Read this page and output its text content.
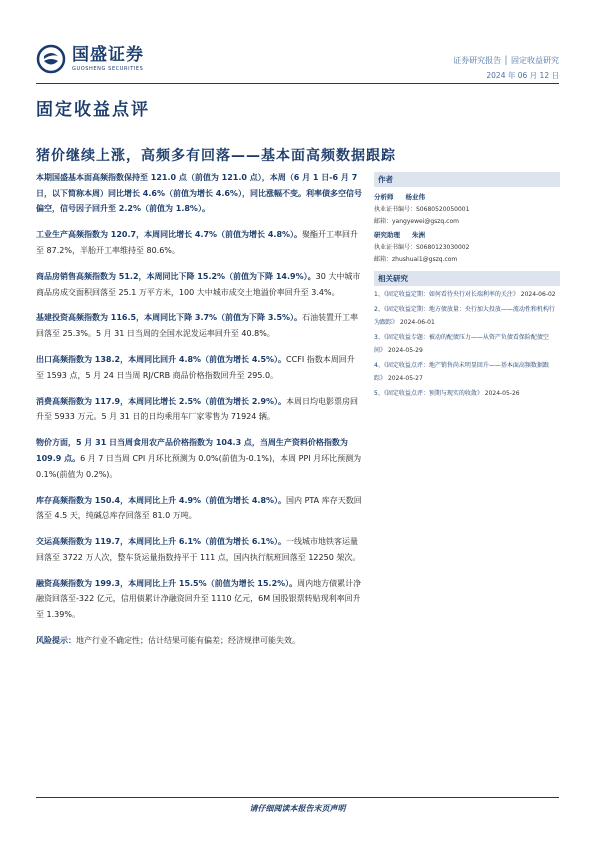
国盛证券
GUOSHENG SECURITIES
证券研究报告 │ 固定收益研究
2024 年 06 月 12 日
固定收益点评
猪价继续上涨，高频多有回落——基本面高频数据跟踪
本期国盛基本面高频指数保持至 121.0 点（前值为 121.0 点），本周（6 月 1 日-6 月 7 日，以下简称本周）同比增长 4.6%（前值为增长 4.6%），同比涨幅不变。利率债多空信号偏空，信号因子回升至 2.2%（前值为 1.8%）。
工业生产高频指数为 120.7，本周同比增长 4.7%（前值为增长 4.8%）。聚酯开工率回升至 87.2%，半胎开工率维持至 80.6%。
商品房销售高频指数为 51.2，本周同比下降 15.2%（前值为下降 14.9%）。30 大中城市商品房成交面积回落至 25.1 万平方米，100 大中城市成交土地溢价率回升至 3.4%。
基建投资高频指数为 116.5，本周同比下降 3.7%（前值为下降 3.5%）。石油装置开工率回落至 25.3%。5 月 31 日当周的全国水泥发运率回升至 40.8%。
出口高频指数为 138.2，本周同比回升 4.8%（前值为增长 4.5%）。CCFI 指数本周回升至 1593 点，5 月 24 日当周 RJ/CRB 商品价格指数回升至 295.0。
消费高频指数为 117.9，本周同比增长 2.5%（前值为增长 2.9%）。本周日均电影票房回升至 5933 万元。5 月 31 日的日均乘用车厂家零售为 71924 辆。
物价方面，5 月 31 日当周食用农产品价格指数为 104.3 点，当周生产资料价格指数为 109.9 点。6 月 7 日当周 CPI 月环比预测为 0.0%(前值为-0.1%)，本周 PPI 月环比预测为 0.1%(前值为 0.2%)。
库存高频指数为 150.4，本周同比上升 4.9%（前值为增长 4.8%）。国内 PTA 库存天数回落至 4.5 天，纯碱总库存回落至 81.0 万吨。
交运高频指数为 119.7，本周同比上升 6.1%（前值为增长 6.1%）。一线城市地铁客运量回落至 3722 万人次，整车货运量指数持平于 111 点，国内执行航班回落至 12250 架次。
融资高频指数为 199.3，本周同比上升 15.5%（前值为增长 15.2%）。周内地方债累计净融资回落至-322 亿元，信用债累计净融资回升至 1110 亿元，6M 国股银票转贴现利率回升至 1.39%。
风险提示：地产行业不确定性；估计结果可能有偏差；经济规律可能失效。
作者
分析师 杨业伟
执业证书编号：S0680520050001
邮箱：yangyewei@gszq.com
研究助理 朱洲
执业证书编号：S0680123030002
邮箱：zhushuai1@gszq.com
相关研究
1、《固定收益定期：如何看待央行对长端利率的关注》 2024-06-02
2、《固定收益定期：地方债放量：央行加大投放——流动性和机构行为跟踪》 2024-06-01
3、《固定收益专题：被动的配债压力——从资产负债看保险配债空间》 2024-05-29
4、《固定收益点评：地产销售尚未明显回升——基本面高频数据跟踪》 2024-05-27
5、《固定收益点评：预期与现实的收敛》 2024-05-26
请仔细阅读本报告末页声明
